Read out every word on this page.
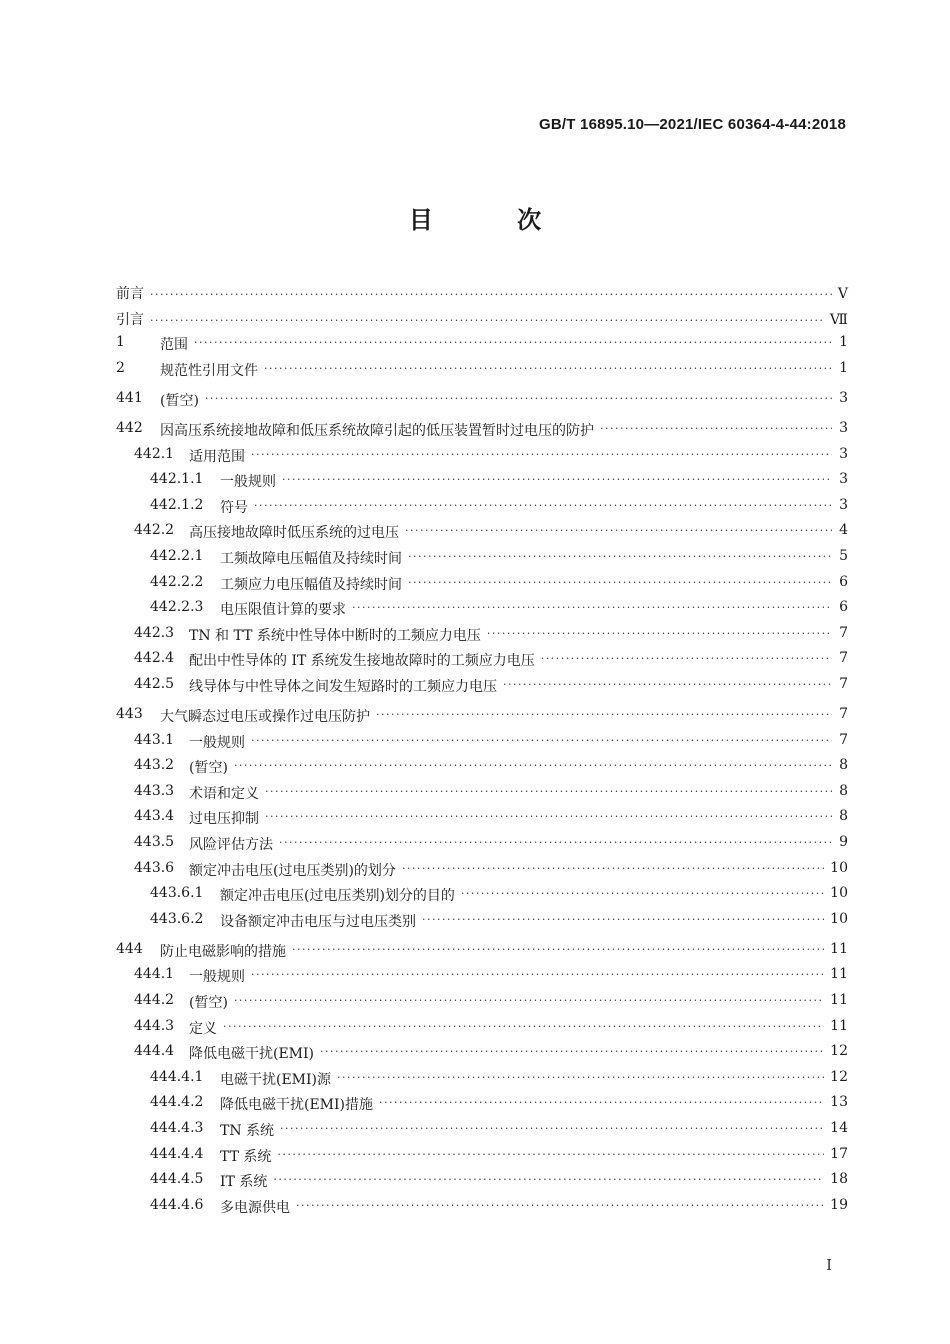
GB/T 16895.10—2021/IEC 60364-4-44:2018
目 次
前言 ·····	V
引言 ·····	Ⅶ
1	范围 ·····	1
2	规范性引用文件 ·····	1
441	(暂空) ·····	3
442	因高压系统接地故障和低压系统故障引起的低压装置暂时过电压的防护 ·····	3
442.1	适用范围 ·····	3
442.1.1	一般规则 ·····	3
442.1.2	符号 ·····	3
442.2	高压接地故障时低压系统的过电压 ·····	4
442.2.1	工频故障电压幅值及持续时间 ·····	5
442.2.2	工频应力电压幅值及持续时间 ·····	6
442.2.3	电压限值计算的要求 ·····	6
442.3	TN 和 TT 系统中性导体中断时的工频应力电压 ·····	7
442.4	配出中性导体的 IT 系统发生接地故障时的工频应力电压 ·····	7
442.5	线导体与中性导体之间发生短路时的工频应力电压 ·····	7
443	大气瞬态过电压或操作过电压防护 ·····	7
443.1	一般规则 ·····	7
443.2	(暂空) ·····	8
443.3	术语和定义 ·····	8
443.4	过电压抑制 ·····	8
443.5	风险评估方法 ·····	9
443.6	额定冲击电压(过电压类别)的划分 ·····	10
443.6.1	额定冲击电压(过电压类别)划分的目的 ·····	10
443.6.2	设备额定冲击电压与过电压类别 ·····	10
444	防止电磁影响的措施 ·····	11
444.1	一般规则 ·····	11
444.2	(暂空) ·····	11
444.3	定义 ·····	11
444.4	降低电磁干扰(EMI) ·····	12
444.4.1	电磁干扰(EMI)源 ·····	12
444.4.2	降低电磁干扰(EMI)措施 ·····	13
444.4.3	TN 系统 ·····	14
444.4.4	TT 系统 ·····	17
444.4.5	IT 系统 ·····	18
444.4.6	多电源供电 ·····	19
I
